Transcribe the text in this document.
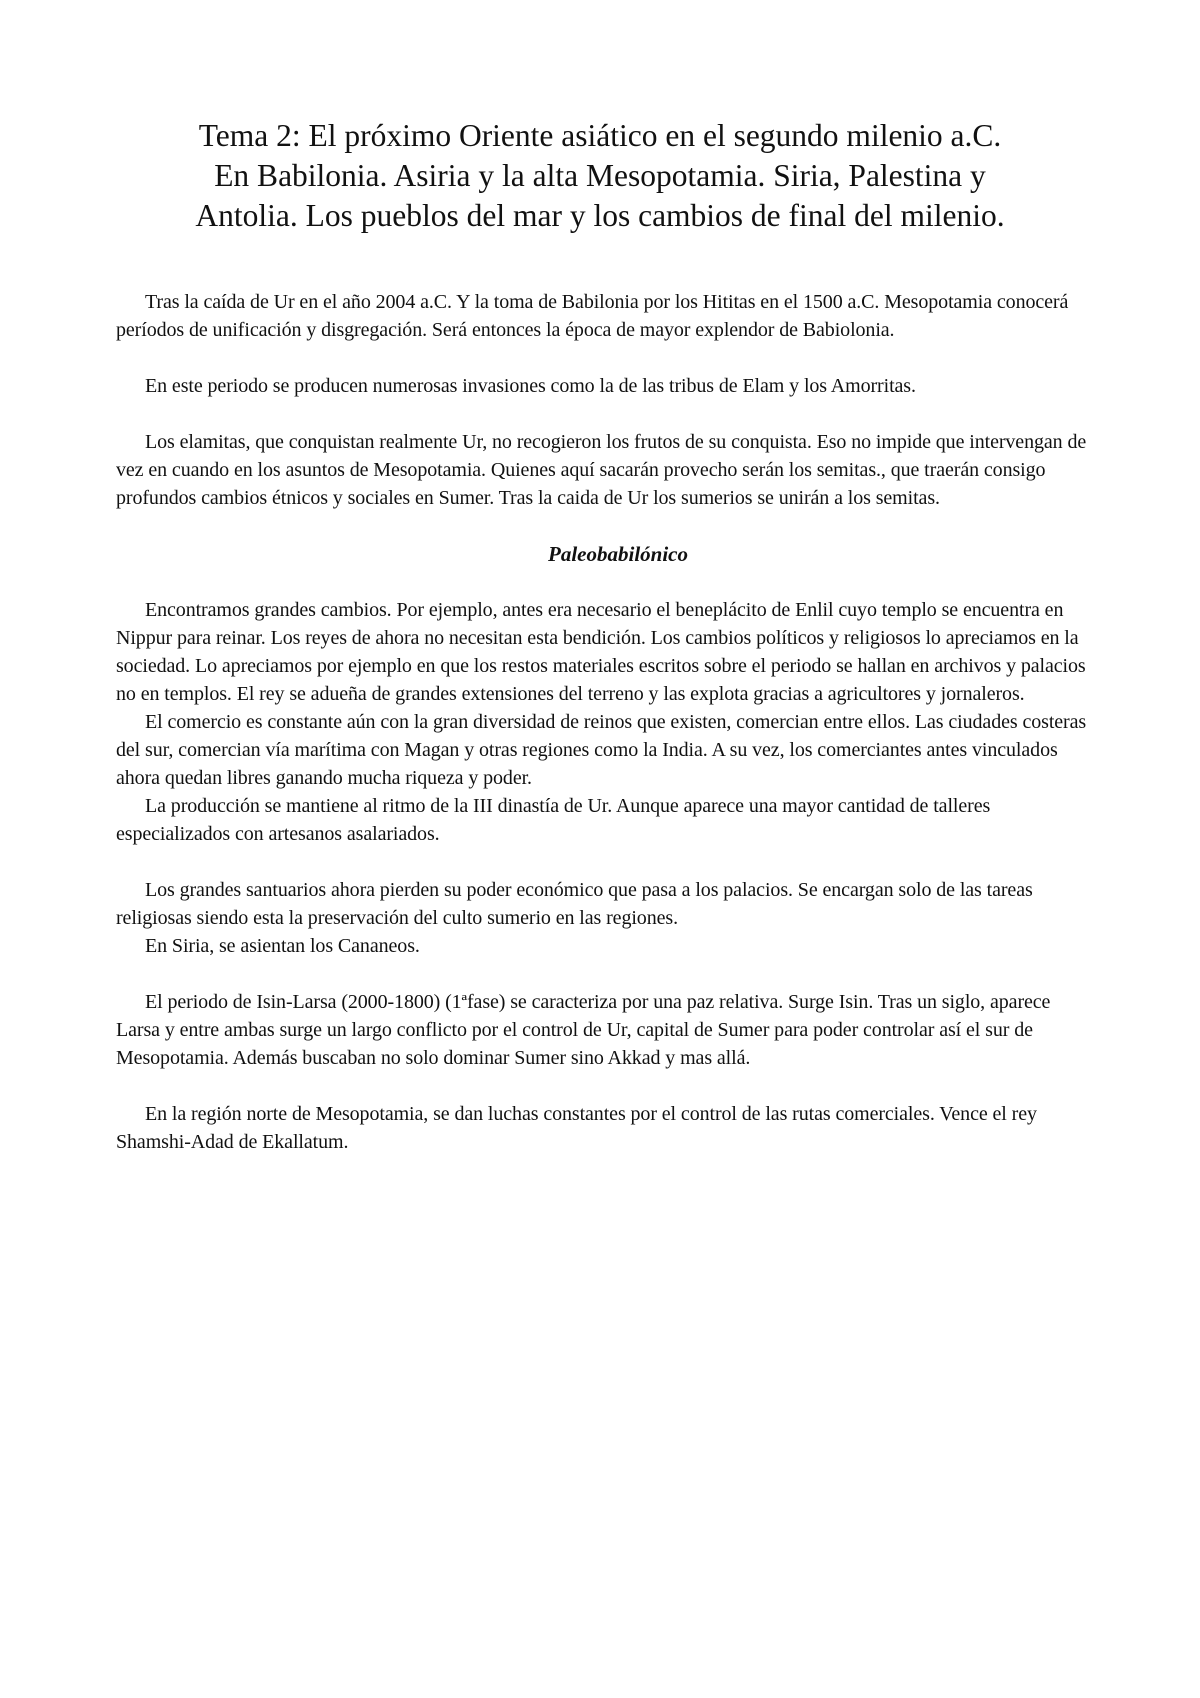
Tema 2: El próximo Oriente asiático en el segundo milenio a.C.
En Babilonia. Asiria y la alta Mesopotamia. Siria, Palestina y
Antolia. Los pueblos del mar y los cambios de final del milenio.

Tras la caída de Ur en el año 2004 a.C. Y la toma de Babilonia por los Hititas en el 1500 a.C. Mesopotamia conocerá períodos de unificación y disgregación. Será entonces la época de mayor explendor de Babiolonia.

En este periodo se producen numerosas invasiones como la de las tribus de Elam y los Amorritas.

Los elamitas, que conquistan realmente Ur, no recogieron los frutos de su conquista. Eso no impide que intervengan de vez en cuando en los asuntos de Mesopotamia. Quienes aquí sacarán provecho serán los semitas., que traerán consigo profundos cambios étnicos y sociales en Sumer. Tras la caida de Ur los sumerios se unirán a los semitas.

Paleobabilónico

Encontramos grandes cambios. Por ejemplo, antes era necesario el beneplácito de Enlil cuyo templo se encuentra en Nippur para reinar. Los reyes de ahora no necesitan esta bendición. Los cambios políticos y religiosos lo apreciamos en la sociedad. Lo apreciamos por ejemplo en que los restos materiales escritos sobre el periodo se hallan en archivos y palacios no en templos. El rey se adueña de grandes extensiones del terreno y las explota gracias a agricultores y jornaleros.

El comercio es constante aún con la gran diversidad de reinos que existen, comercian entre ellos. Las ciudades costeras del sur, comercian vía marítima con Magan y otras regiones como la India. A su vez, los comerciantes antes vinculados ahora quedan libres ganando mucha riqueza y poder.

La producción se mantiene al ritmo de la III dinastía de Ur. Aunque aparece una mayor cantidad de talleres especializados con artesanos asalariados.

Los grandes santuarios ahora pierden su poder económico que pasa a los palacios. Se encargan solo de las tareas religiosas siendo esta la preservación del culto sumerio en las regiones.

En Siria, se asientan los Cananeos.

El periodo de Isin-Larsa (2000-1800) (1ªfase) se caracteriza por una paz relativa. Surge Isin. Tras un siglo, aparece Larsa y entre ambas surge un largo conflicto por el control de Ur, capital de Sumer para poder controlar así el sur de Mesopotamia. Además buscaban no solo dominar Sumer sino Akkad y mas allá.

En la región norte de Mesopotamia, se dan luchas constantes por el control de las rutas comerciales. Vence el rey Shamshi-Adad de Ekallatum.
